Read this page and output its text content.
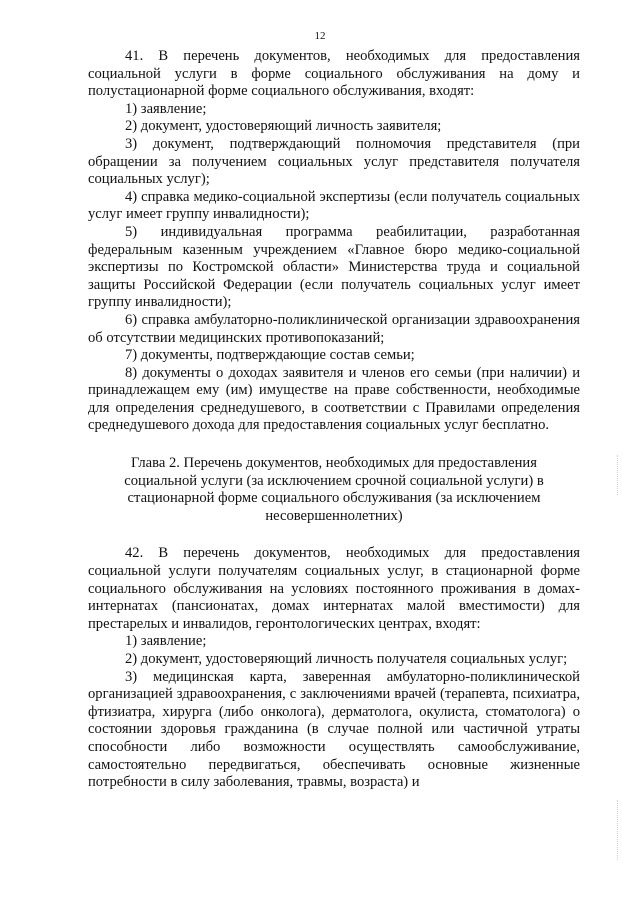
12

41. В перечень документов, необходимых для предоставления социальной услуги в форме социального обслуживания на дому и полустационарной форме социального обслуживания, входят:

1) заявление;

2) документ, удостоверяющий личность заявителя;

3) документ, подтверждающий полномочия представителя (при обращении за получением социальных услуг представителя получателя социальных услуг);

4) справка медико-социальной экспертизы (если получатель социальных услуг имеет группу инвалидности);

5) индивидуальная программа реабилитации, разработанная федеральным казенным учреждением «Главное бюро медико-социальной экспертизы по Костромской области» Министерства труда и социальной защиты Российской Федерации (если получатель социальных услуг имеет группу инвалидности);

6) справка амбулаторно-поликлинической организации здравоохранения об отсутствии медицинских противопоказаний;

7) документы, подтверждающие состав семьи;

8) документы о доходах заявителя и членов его семьи (при наличии) и принадлежащем ему (им) имуществе на праве собственности, необходимые для определения среднедушевого, в соответствии с Правилами определения среднедушевого дохода для предоставления социальных услуг бесплатно.

Глава 2. Перечень документов, необходимых для предоставления социальной услуги (за исключением срочной социальной услуги) в стационарной форме социального обслуживания (за исключением несовершеннолетних)

42. В перечень документов, необходимых для предоставления социальной услуги получателям социальных услуг, в стационарной форме социального обслуживания на условиях постоянного проживания в домах-интернатах (пансионатах, домах интернатах малой вместимости) для престарелых и инвалидов, геронтологических центрах, входят:

1) заявление;

2) документ, удостоверяющий личность получателя социальных услуг;

3) медицинская карта, заверенная амбулаторно-поликлинической организацией здравоохранения, с заключениями врачей (терапевта, психиатра, фтизиатра, хирурга (либо онколога), дерматолога, окулиста, стоматолога) о состоянии здоровья гражданина (в случае полной или частичной утраты способности либо возможности осуществлять самообслуживание, самостоятельно передвигаться, обеспечивать основные жизненные потребности в силу заболевания, травмы, возраста) и
